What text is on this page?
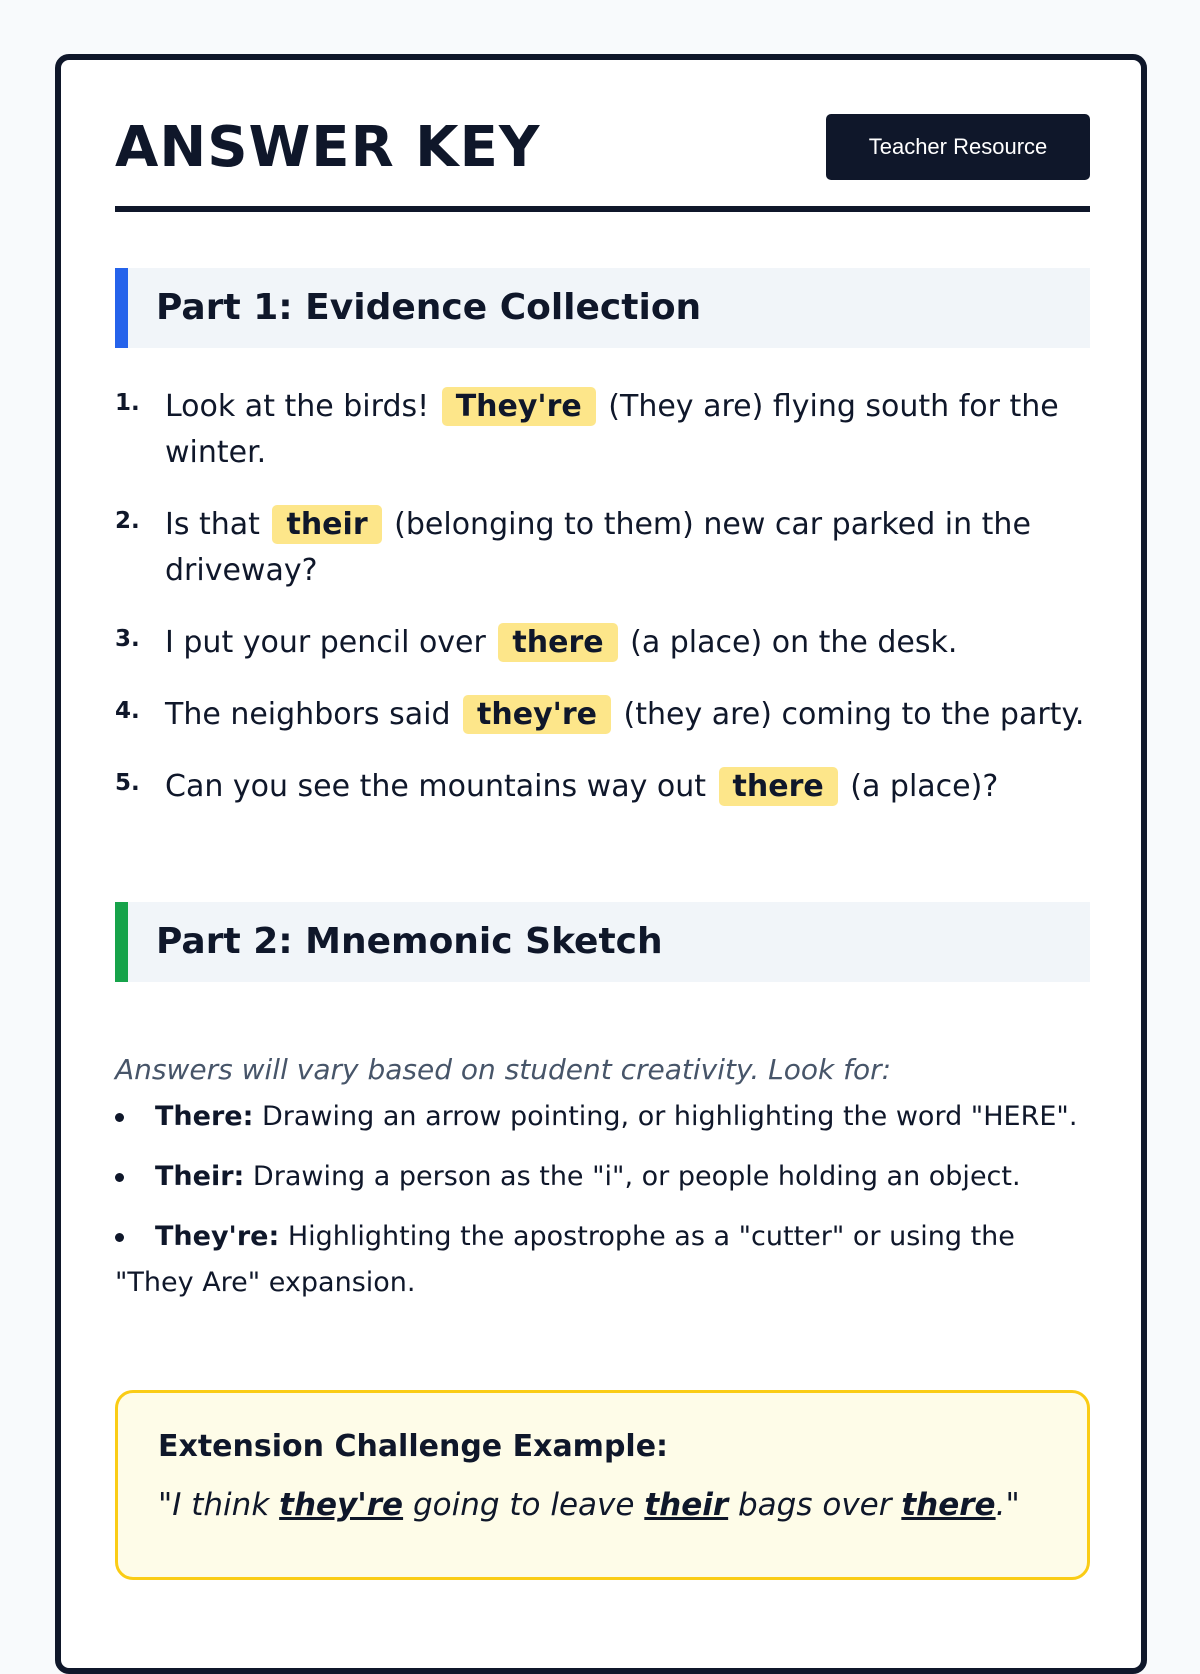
ANSWER KEY	Teacher Resource
Part 1: Evidence Collection
1. Look at the birds! They're (They are) flying south for the winter.
2. Is that their (belonging to them) new car parked in the driveway?
3. I put your pencil over there (a place) on the desk.
4. The neighbors said they're (they are) coming to the party.
5. Can you see the mountains way out there (a place)?
Part 2: Mnemonic Sketch

Answers will vary based on student creativity. Look for:

There: Drawing an arrow pointing, or highlighting the word "HERE".
Their: Drawing a person as the "i", or people holding an object.
They're: Highlighting the apostrophe as a "cutter" or using the "They Are" expansion.

Extension Challenge Example:

"I think they're going to leave their bags over there."
